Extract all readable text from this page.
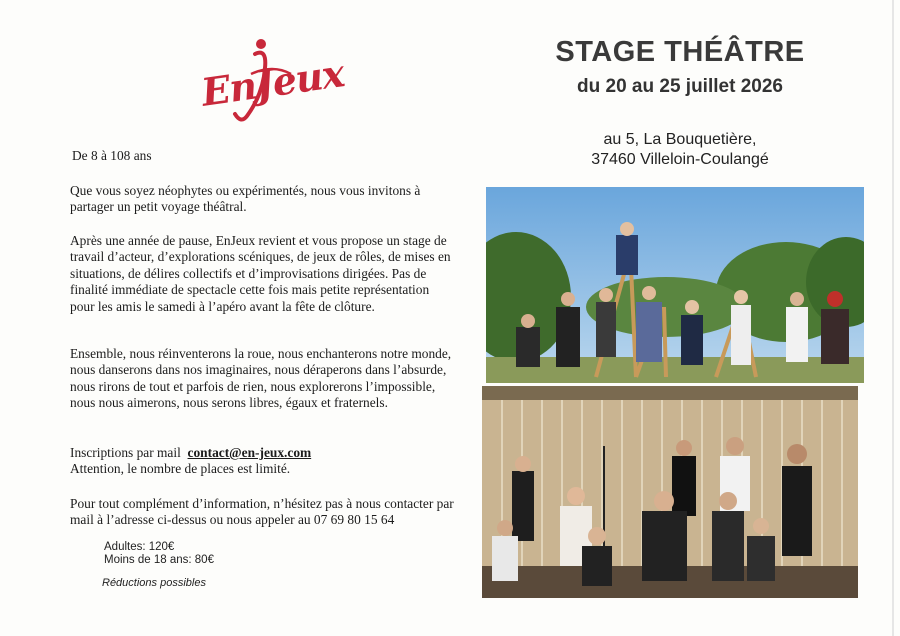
EnJeux	STAGE THÉÂTRE
du 20 au 25 juillet 2026
au 5, La Bouquetière,
37460 Villeloin-Coulangé
De 8 à 108 ans
Que vous soyez néophytes ou expérimentés, nous vous invitons à partager un petit voyage théâtral.
Après une année de pause, EnJeux revient et vous propose un stage de travail d’acteur, d’explorations scéniques, de jeux de rôles, de mises en situations, de délires collectifs et d’improvisations dirigées. Pas de finalité immédiate de spectacle cette fois mais petite représentation pour les amis le samedi à l’apéro avant la fête de clôture.
Ensemble, nous réinventerons la roue, nous enchanterons notre monde, nous danserons dans nos imaginaires, nous déraperons dans l’absurde, nous rirons de tout et parfois de rien, nous explorerons l’impossible, nous nous aimerons, nous serons libres, égaux et fraternels.
Inscriptions par mail contact@en-jeux.com
Attention, le nombre de places est limité.
Pour tout complément d’information, n’hésitez pas à nous contacter par mail à l’adresse ci-dessus ou nous appeler au 07 69 80 15 64
Adultes: 120€
Moins de 18 ans: 80€
Réductions possibles
